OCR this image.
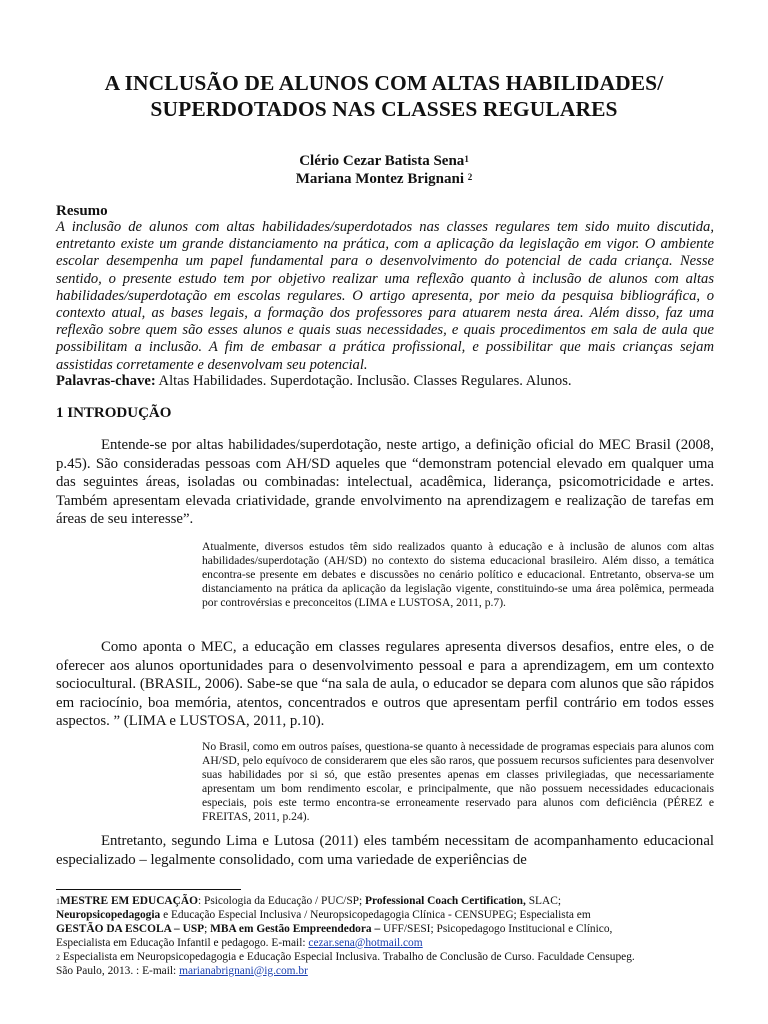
A INCLUSÃO DE ALUNOS COM ALTAS HABILIDADES/
SUPERDOTADOS NAS CLASSES REGULARES
Clério Cezar Batista Sena$^1$
Mariana Montez Brignani $^2$
Resumo
A inclusão de alunos com altas habilidades/superdotados nas classes regulares tem sido muito discutida, entretanto existe um grande distanciamento na prática, com a aplicação da legislação em vigor. O ambiente escolar desempenha um papel fundamental para o desenvolvimento do potencial de cada criança. Nesse sentido, o presente estudo tem por objetivo realizar uma reflexão quanto à inclusão de alunos com altas habilidades/superdotação em escolas regulares. O artigo apresenta, por meio da pesquisa bibliográfica, o contexto atual, as bases legais, a formação dos professores para atuarem nesta área. Além disso, faz uma reflexão sobre quem são esses alunos e quais suas necessidades, e quais procedimentos em sala de aula que possibilitam a inclusão. A fim de embasar a prática profissional, e possibilitar que mais crianças sejam assistidas corretamente e desenvolvam seu potencial.
Palavras-chave: Altas Habilidades. Superdotação. Inclusão. Classes Regulares. Alunos.
1 INTRODUÇÃO
Entende-se por altas habilidades/superdotação, neste artigo, a definição oficial do MEC Brasil (2008, p.45). São consideradas pessoas com AH/SD aqueles que “demonstram potencial elevado em qualquer uma das seguintes áreas, isoladas ou combinadas: intelectual, acadêmica, liderança, psicomotricidade e artes. Também apresentam elevada criatividade, grande envolvimento na aprendizagem e realização de tarefas em áreas de seu interesse”.
Atualmente, diversos estudos têm sido realizados quanto à educação e à inclusão de alunos com altas habilidades/superdotação (AH/SD) no contexto do sistema educacional brasileiro. Além disso, a temática encontra-se presente em debates e discussões no cenário político e educacional. Entretanto, observa-se um distanciamento na prática da aplicação da legislação vigente, constituindo-se uma área polêmica, permeada por controvérsias e preconceitos (LIMA e LUSTOSA, 2011, p.7).
Como aponta o MEC, a educação em classes regulares apresenta diversos desafios, entre eles, o de oferecer aos alunos oportunidades para o desenvolvimento pessoal e para a aprendizagem, em um contexto sociocultural. (BRASIL, 2006). Sabe-se que “na sala de aula, o educador se depara com alunos que são rápidos em raciocínio, boa memória, atentos, concentrados e outros que apresentam perfil contrário em todos esses aspectos. ” (LIMA e LUSTOSA, 2011, p.10).
No Brasil, como em outros países, questiona-se quanto à necessidade de programas especiais para alunos com AH/SD, pelo equívoco de considerarem que eles são raros, que possuem recursos suficientes para desenvolver suas habilidades por si só, que estão presentes apenas em classes privilegiadas, que necessariamente apresentam um bom rendimento escolar, e principalmente, que não possuem necessidades educacionais especiais, pois este termo encontra-se erroneamente reservado para alunos com deficiência (PÉREZ e FREITAS, 2011, p.24).
Entretanto, segundo Lima e Lutosa (2011) eles também necessitam de acompanhamento educacional especializado – legalmente consolidado, com uma variedade de experiências de
$^1$MESTRE EM EDUCAÇÃO: Psicologia da Educação / PUC/SP; Professional Coach Certification, SLAC;
Neuropsicopedagogia e Educação Especial Inclusiva / Neuropsicopedagogia Clínica - CENSUPEG; Especialista em
GESTÃO DA ESCOLA – USP; MBA em Gestão Empreendedora – UFF/SESI; Psicopedagogo Institucional e Clínico,
Especialista em Educação Infantil e pedagogo. E-mail: cezar.sena@hotmail.com
$^2$ Especialista em Neuropsicopedagogia e Educação Especial Inclusiva. Trabalho de Conclusão de Curso. Faculdade Censupeg.
São Paulo, 2013. : E-mail: marianabrignani@ig.com.br
